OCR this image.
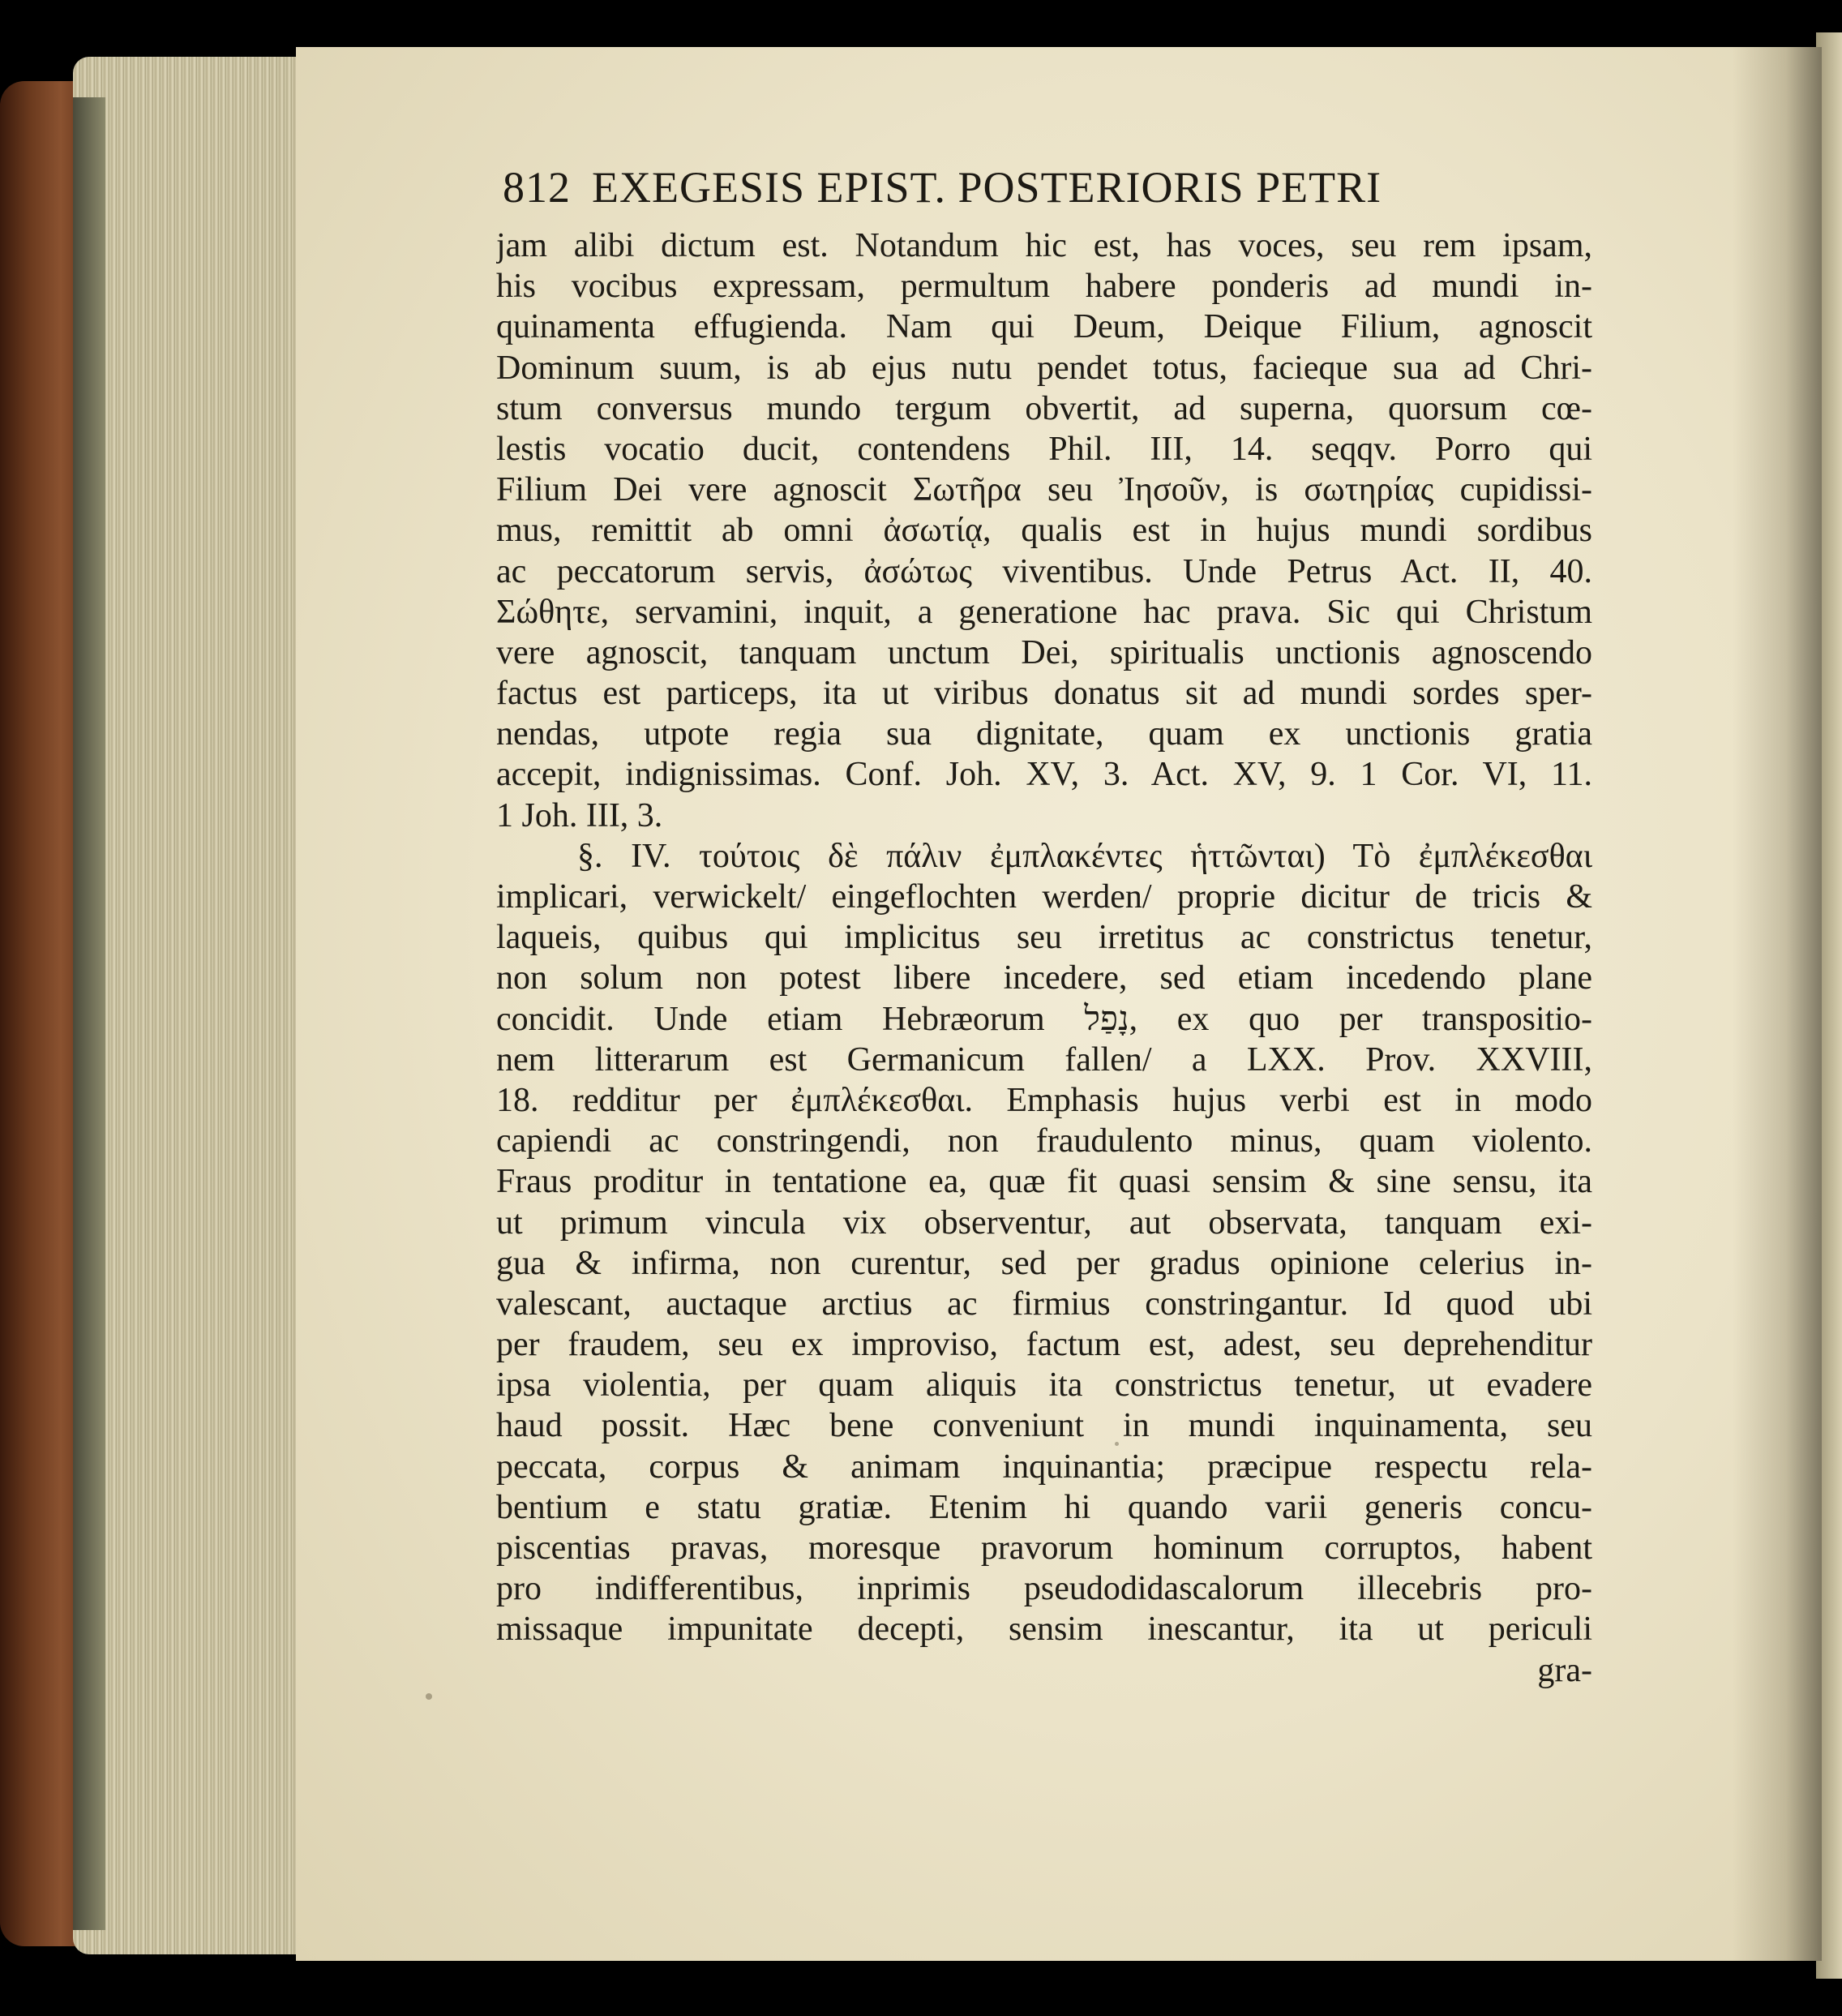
812 EXEGESIS EPIST. POSTERIORIS PETRI
jam alibi dictum est. Notandum hic est, has voces, seu rem ipsam,
his vocibus expressam, permultum habere ponderis ad mundi in-
quinamenta effugienda. Nam qui Deum, Deique Filium, agnoscit
Dominum suum, is ab ejus nutu pendet totus, facieque sua ad Chri-
stum conversus mundo tergum obvertit, ad superna, quorsum cœ-
lestis vocatio ducit, contendens Phil. III, 14. seqqv. Porro qui
Filium Dei vere agnoscit Σωτῆρα seu Ἰησοῦν, is σωτηρίας cupidissi-
mus, remittit ab omni ἀσωτίᾳ, qualis est in hujus mundi sordibus
ac peccatorum servis, ἀσώτως viventibus. Unde Petrus Act. II, 40.
Σώθητε, servamini, inquit, a generatione hac prava. Sic qui Christum
vere agnoscit, tanquam unctum Dei, spiritualis unctionis agnoscendo
factus est particeps, ita ut viribus donatus sit ad mundi sordes sper-
nendas, utpote regia sua dignitate, quam ex unctionis gratia
accepit, indignissimas. Conf. Joh. XV, 3. Act. XV, 9. 1 Cor. VI, 11.
1 Joh. III, 3.
§. IV. τούτοις δὲ πάλιν ἐμπλακέντες ἡττῶνται) Τὸ ἐμπλέκεσθαι
implicari, verwickelt/ eingeflochten werden/ proprie dicitur de tricis &
laqueis, quibus qui implicitus seu irretitus ac constrictus tenetur,
non solum non potest libere incedere, sed etiam incedendo plane
concidit. Unde etiam Hebræorum נָפַל, ex quo per transpositio-
nem litterarum est Germanicum fallen/ a LXX. Prov. XXVIII,
18. redditur per ἐμπλέκεσθαι. Emphasis hujus verbi est in modo
capiendi ac constringendi, non fraudulento minus, quam violento.
Fraus proditur in tentatione ea, quæ fit quasi sensim & sine sensu, ita
ut primum vincula vix observentur, aut observata, tanquam exi-
gua & infirma, non curentur, sed per gradus opinione celerius in-
valescant, auctaque arctius ac firmius constringantur. Id quod ubi
per fraudem, seu ex improviso, factum est, adest, seu deprehenditur
ipsa violentia, per quam aliquis ita constrictus tenetur, ut evadere
haud possit. Hæc bene conveniunt in mundi inquinamenta, seu
peccata, corpus & animam inquinantia; præcipue respectu rela-
bentium e statu gratiæ. Etenim hi quando varii generis concu-
piscentias pravas, moresque pravorum hominum corruptos, habent
pro indifferentibus, inprimis pseudodidascalorum illecebris pro-
missaque impunitate decepti, sensim inescantur, ita ut periculi
gra-
